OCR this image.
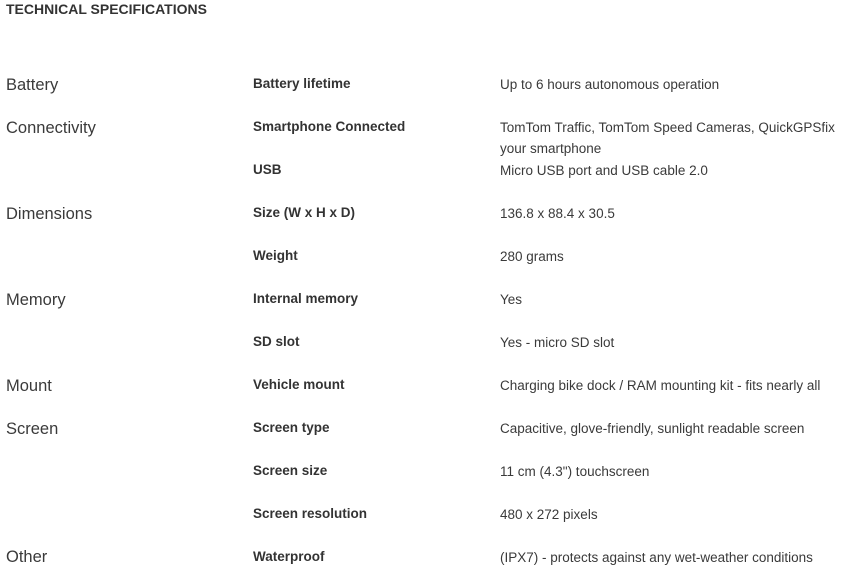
TECHNICAL SPECIFICATIONS
Battery
Connectivity
Dimensions
Memory
Mount
Screen
Other
Battery lifetime
Smartphone Connected
USB
Size (W x H x D)
Weight
Internal memory
SD slot
Vehicle mount
Screen type
Screen size
Screen resolution
Waterproof
Up to 6 hours autonomous operation
TomTom Traffic, TomTom Speed Cameras, QuickGPSfix
your smartphone
Micro USB port and USB cable 2.0
136.8 x 88.4 x 30.5
280 grams
Yes
Yes - micro SD slot
Charging bike dock / RAM mounting kit - fits nearly all
Capacitive, glove-friendly, sunlight readable screen
11 cm (4.3") touchscreen
480 x 272 pixels
(IPX7) - protects against any wet-weather conditions
